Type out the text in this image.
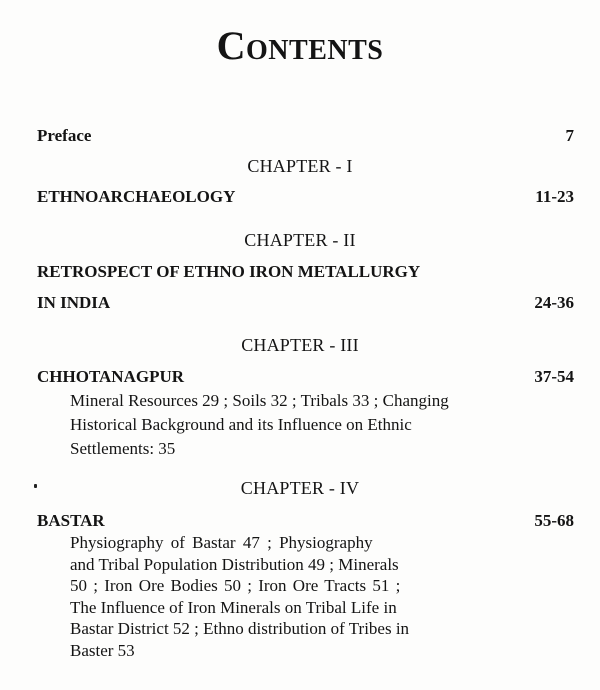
Contents
Preface	7
CHAPTER - I
ETHNOARCHAEOLOGY	11-23
CHAPTER - II
RETROSPECT OF ETHNO IRON METALLURGY
IN INDIA	24-36
CHAPTER - III
CHHOTANAGPUR	37-54
Mineral Resources 29 ; Soils 32 ; Tribals 33 ; Changing
Historical Background and its Influence on Ethnic
Settlements: 35
CHAPTER - IV
BASTAR	55-68
Physiography of Bastar 47 ; Physiography
and Tribal Population Distribution 49 ; Minerals
50 ; Iron Ore Bodies 50 ; Iron Ore Tracts 51 ;
The Influence of Iron Minerals on Tribal Life in
Bastar District 52 ; Ethno distribution of Tribes in
Baster 53
